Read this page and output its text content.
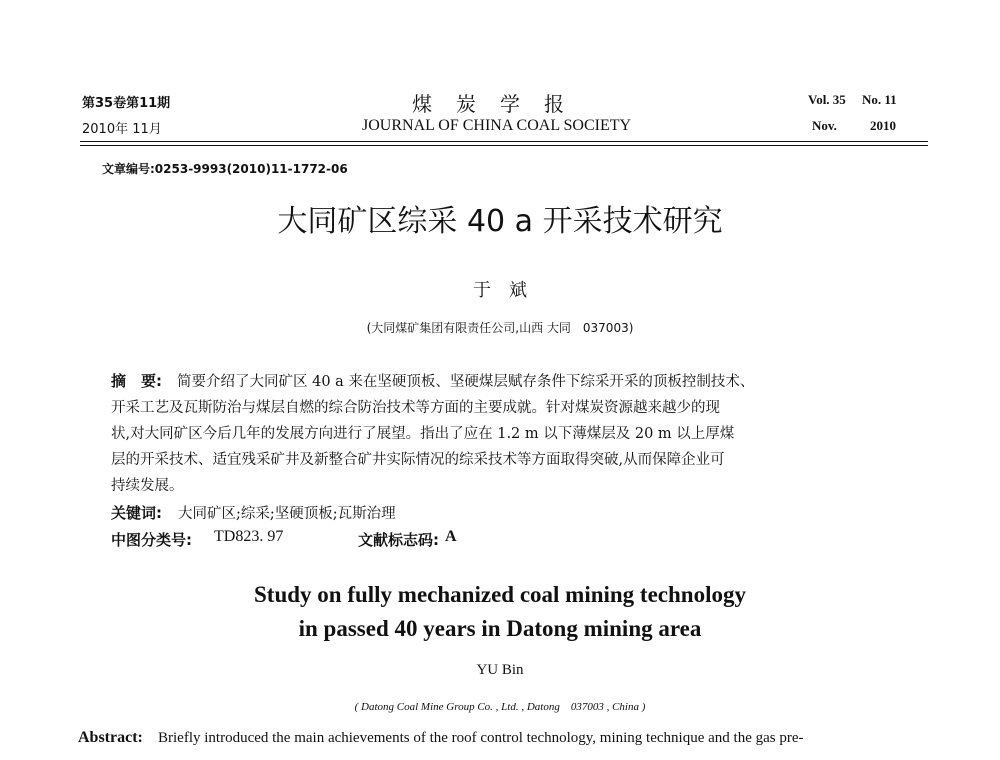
第35卷第11期
2010年 11月
煤　炭　学　报
JOURNAL OF CHINA COAL SOCIETY
Vol. 35 No. 11
Nov.	2010
文章编号:0253-9993(2010)11-1772-06
大同矿区综采 40 a 开采技术研究
于　斌
(大同煤矿集团有限责任公司,山西 大同　037003)
摘　要: 简要介绍了大同矿区 40 a 来在坚硬顶板、坚硬煤层赋存条件下综采开采的顶板控制技术、
开采工艺及瓦斯防治与煤层自燃的综合防治技术等方面的主要成就。针对煤炭资源越来越少的现
状,对大同矿区今后几年的发展方向进行了展望。指出了应在 1.2 m 以下薄煤层及 20 m 以上厚煤
层的开采技术、适宜残采矿井及新整合矿井实际情况的综采技术等方面取得突破,从而保障企业可
持续发展。
关键词: 大同矿区;综采;坚硬顶板;瓦斯治理
中图分类号: TD823. 97	文献标志码: A
Study on fully mechanized coal mining technology
in passed 40 years in Datong mining area
YU Bin
( Datong Coal Mine Group Co. , Ltd. , Datong　037003 , China )
Abstract: Briefly introduced the main achievements of the roof control technology, mining technique and the gas pre-
